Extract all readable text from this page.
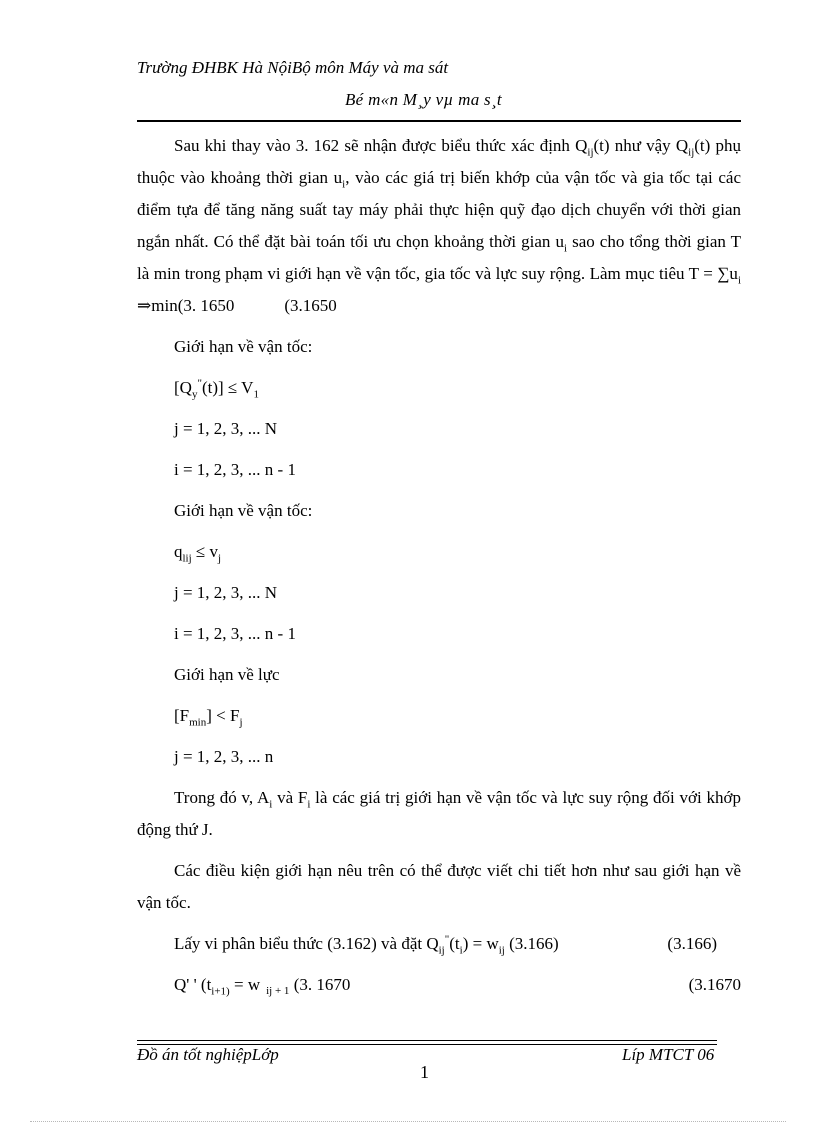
Trường ĐHBK Hà NộiBộ môn Máy và ma sát
Bé m«n M¸y vµ ma s¸t

Sau khi thay vào 3. 162 sẽ nhận được biểu thức xác định $Q_{ij}(t)$ như vậy $Q_{ij}(t)$ phụ thuộc vào khoảng thời gian $u_i$, vào các giá trị biến khớp của vận tốc và gia tốc tại các điểm tựa để tăng năng suất tay máy phải thực hiện quỹ đạo dịch chuyển với thời gian ngắn nhất. Có thể đặt bài toán tối ưu chọn khoảng thời gian $u_i$ sao cho tổng thời gian T là min trong phạm vi giới hạn về vận tốc, gia tốc và lực suy rộng. Làm mục tiêu $T = \sum u_i$ ⇒min(3. 1650	(3.1650

Giới hạn về vận tốc:
$[Q_y^"(t)] \le V_1$
j = 1, 2, 3, ... N
i = 1, 2, 3, ... n - 1
Giới hạn về vận tốc:
$q_{lij} \le v_j$
j = 1, 2, 3, ... N
i = 1, 2, 3, ... n - 1
Giới hạn về lực
$[F_{min}] < F_j$
j = 1, 2, 3, ... n

Trong đó v, $A_i$ và $F_i$ là các giá trị giới hạn về vận tốc và lực suy rộng đối với khớp động thứ J.

Các điều kiện giới hạn nêu trên có thể được viết chi tiết hơn như sau giới hạn về vận tốc.

Lấy vi phân biểu thức (3.162) và đặt $Q_{ij}^"(t_i) = w_{ij}$ (3.166)	(3.166)
Q' ' ($t_{i+1)} = w$ $_{ij + 1}$ (3. 1670	(3.1670
Đồ án tốt nghiệpLớp	Líp MTCT 06
1
